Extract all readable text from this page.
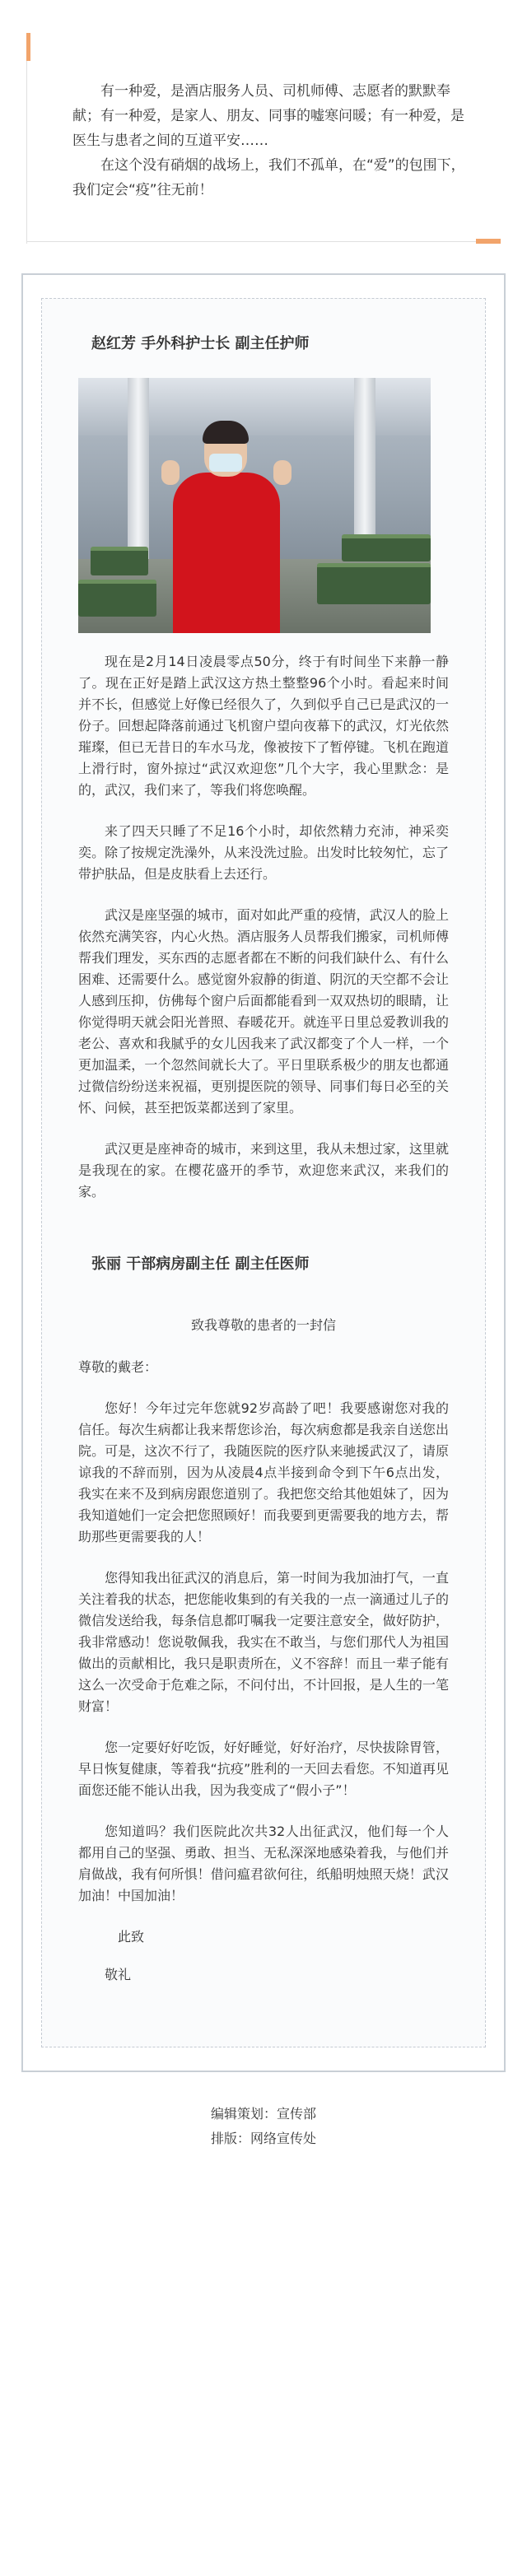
有一种爱，是酒店服务人员、司机师傅、志愿者的默默奉献；有一种爱，是家人、朋友、同事的嘘寒问暖；有一种爱，是医生与患者之间的互道平安……

在这个没有硝烟的战场上，我们不孤单，在“爱”的包围下，我们定会“疫”往无前！

赵红芳 手外科护士长 副主任护师

现在是2月14日凌晨零点50分，终于有时间坐下来静一静了。现在正好是踏上武汉这方热土整整96个小时。看起来时间并不长，但感觉上好像已经很久了，久到似乎自己已是武汉的一份子。回想起降落前通过飞机窗户望向夜幕下的武汉，灯光依然璀璨，但已无昔日的车水马龙，像被按下了暂停键。飞机在跑道上滑行时，窗外掠过“武汉欢迎您”几个大字，我心里默念：是的，武汉，我们来了，等我们将您唤醒。

来了四天只睡了不足16个小时，却依然精力充沛，神采奕奕。除了按规定洗澡外，从来没洗过脸。出发时比较匆忙，忘了带护肤品，但是皮肤看上去还行。

武汉是座坚强的城市，面对如此严重的疫情，武汉人的脸上依然充满笑容，内心火热。酒店服务人员帮我们搬家，司机师傅帮我们理发，买东西的志愿者都在不断的问我们缺什么、有什么困难、还需要什么。感觉窗外寂静的街道、阴沉的天空都不会让人感到压抑，仿佛每个窗户后面都能看到一双双热切的眼睛，让你觉得明天就会阳光普照、春暖花开。就连平日里总爱教训我的老公、喜欢和我腻乎的女儿因我来了武汉都变了个人一样，一个更加温柔，一个忽然间就长大了。平日里联系极少的朋友也都通过微信纷纷送来祝福，更别提医院的领导、同事们每日必至的关怀、问候，甚至把饭菜都送到了家里。

武汉更是座神奇的城市，来到这里，我从未想过家，这里就是我现在的家。在樱花盛开的季节，欢迎您来武汉，来我们的家。

张丽 干部病房副主任 副主任医师
致我尊敬的患者的一封信

尊敬的戴老：

您好！今年过完年您就92岁高龄了吧！我要感谢您对我的信任。每次生病都让我来帮您诊治，每次病愈都是我亲自送您出院。可是，这次不行了，我随医院的医疗队来驰援武汉了，请原谅我的不辞而别，因为从凌晨4点半接到命令到下午6点出发，我实在来不及到病房跟您道别了。我把您交给其他姐妹了，因为我知道她们一定会把您照顾好！而我要到更需要我的地方去，帮助那些更需要我的人！

您得知我出征武汉的消息后，第一时间为我加油打气，一直关注着我的状态，把您能收集到的有关我的一点一滴通过儿子的微信发送给我，每条信息都叮嘱我一定要注意安全，做好防护，我非常感动！您说敬佩我，我实在不敢当，与您们那代人为祖国做出的贡献相比，我只是职责所在，义不容辞！而且一辈子能有这么一次受命于危难之际，不问付出，不计回报，是人生的一笔财富！

您一定要好好吃饭，好好睡觉，好好治疗，尽快拔除胃管，早日恢复健康，等着我“抗疫”胜利的一天回去看您。不知道再见面您还能不能认出我，因为我变成了“假小子”！

您知道吗？我们医院此次共32人出征武汉，他们每一个人都用自己的坚强、勇敢、担当、无私深深地感染着我，与他们并肩做战，我有何所惧！借问瘟君欲何往，纸船明烛照天烧！武汉加油！中国加油！

此致

敬礼

编辑策划：宣传部
排版：网络宣传处
